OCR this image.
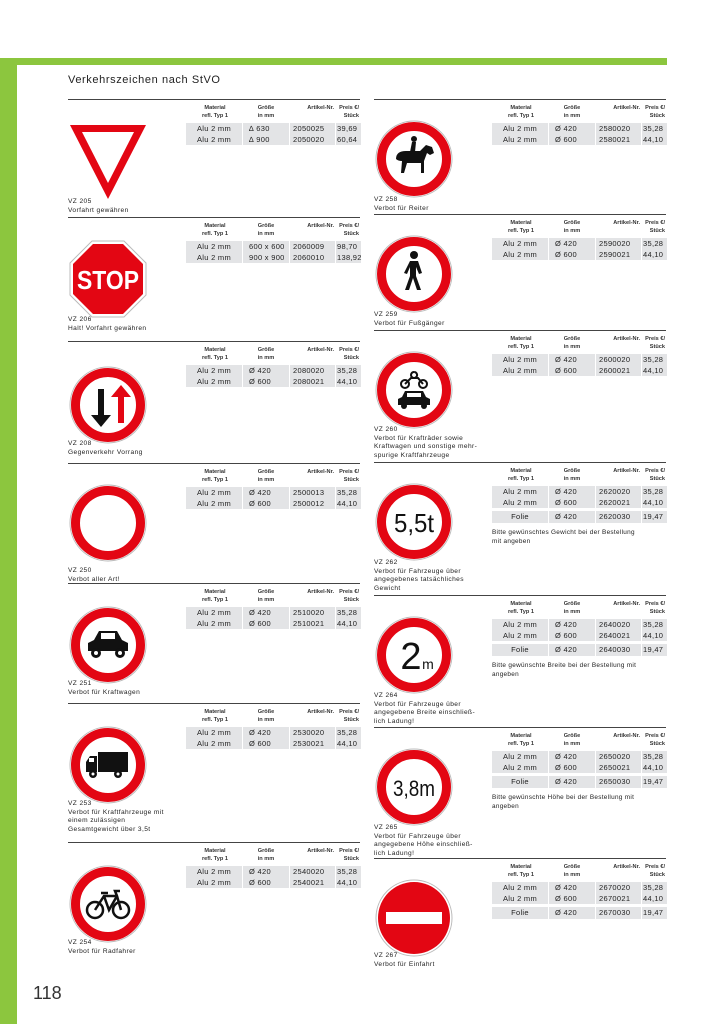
Verkehrszeichen nach StVO
118
VZ 205
Vorfahrt gewähren
Material
refl. Typ 1
Größe
in mm
Artikel-Nr. Preis €/
Stück
Alu 2 mm	∆ 630	2050025	39,69
Alu 2 mm	∆ 900	2050020	60,64
STOP
VZ 206
Halt! Vorfahrt gewähren
Material
refl. Typ 1
Größe
in mm
Artikel-Nr. Preis €/
Stück
Alu 2 mm	600 x 600	2060009	98,70
Alu 2 mm	900 x 900	2060010	138,92
VZ 208
Gegenverkehr Vorrang
Material
refl. Typ 1
Größe
in mm
Artikel-Nr. Preis €/
Stück
Alu 2 mm	Ø 420	2080020	35,28
Alu 2 mm	Ø 600	2080021	44,10
VZ 250
Verbot aller Art!
Material
refl. Typ 1
Größe
in mm
Artikel-Nr. Preis €/
Stück
Alu 2 mm	Ø 420	2500013	35,28
Alu 2 mm	Ø 600	2500012	44,10
VZ 251
Verbot für Kraftwagen
Material
refl. Typ 1
Größe
in mm
Artikel-Nr. Preis €/
Stück
Alu 2 mm	Ø 420	2510020	35,28
Alu 2 mm	Ø 600	2510021	44,10
VZ 253
Verbot für Kraftfahrzeuge mit
einem zulässigen
Gesamtgewicht über 3,5t
Material
refl. Typ 1
Größe
in mm
Artikel-Nr. Preis €/
Stück
Alu 2 mm	Ø 420	2530020	35,28
Alu 2 mm	Ø 600	2530021	44,10
VZ 254
Verbot für Radfahrer
Material
refl. Typ 1
Größe
in mm
Artikel-Nr. Preis €/
Stück
Alu 2 mm	Ø 420	2540020	35,28
Alu 2 mm	Ø 600	2540021	44,10
VZ 258
Verbot für Reiter
Material
refl. Typ 1
Größe
in mm
Artikel-Nr. Preis €/
Stück
Alu 2 mm	Ø 420	2580020	35,28
Alu 2 mm	Ø 600	2580021	44,10
VZ 259
Verbot für Fußgänger
Material
refl. Typ 1
Größe
in mm
Artikel-Nr. Preis €/
Stück
Alu 2 mm	Ø 420	2590020	35,28
Alu 2 mm	Ø 600	2590021	44,10
VZ 260
Verbot für Krafträder sowie
Kraftwagen und sonstige mehr-
spurige Kraftfahrzeuge
Material
refl. Typ 1
Größe
in mm
Artikel-Nr. Preis €/
Stück
Alu 2 mm	Ø 420	2600020	35,28
Alu 2 mm	Ø 600	2600021	44,10
5,5t
VZ 262
Verbot für Fahrzeuge über
angegebenes tatsächliches
Gewicht
Material
refl. Typ 1
Größe
in mm
Artikel-Nr. Preis €/
Stück
Alu 2 mm	Ø 420	2620020	35,28
Alu 2 mm	Ø 600	2620021	44,10
Folie	Ø 420	2620030	19,47
Bitte gewünschtes Gewicht bei der Bestellung
mit angeben
2 m
VZ 264
Verbot für Fahrzeuge über
angegebene Breite einschließ-
lich Ladung!
Material
refl. Typ 1
Größe
in mm
Artikel-Nr. Preis €/
Stück
Alu 2 mm	Ø 420	2640020	35,28
Alu 2 mm	Ø 600	2640021	44,10
Folie	Ø 420	2640030	19,47
Bitte gewünschte Breite bei der Bestellung mit
angeben
3,8m
VZ 265
Verbot für Fahrzeuge über
angegebene Höhe einschließ-
lich Ladung!
Material
refl. Typ 1
Größe
in mm
Artikel-Nr. Preis €/
Stück
Alu 2 mm	Ø 420	2650020	35,28
Alu 2 mm	Ø 600	2650021	44,10
Folie	Ø 420	2650030	19,47
Bitte gewünschte Höhe bei der Bestellung mit
angeben
VZ 267
Verbot für Einfahrt
Material
refl. Typ 1
Größe
in mm
Artikel-Nr. Preis €/
Stück
Alu 2 mm	Ø 420	2670020	35,28
Alu 2 mm	Ø 600	2670021	44,10
Folie	Ø 420	2670030	19,47
